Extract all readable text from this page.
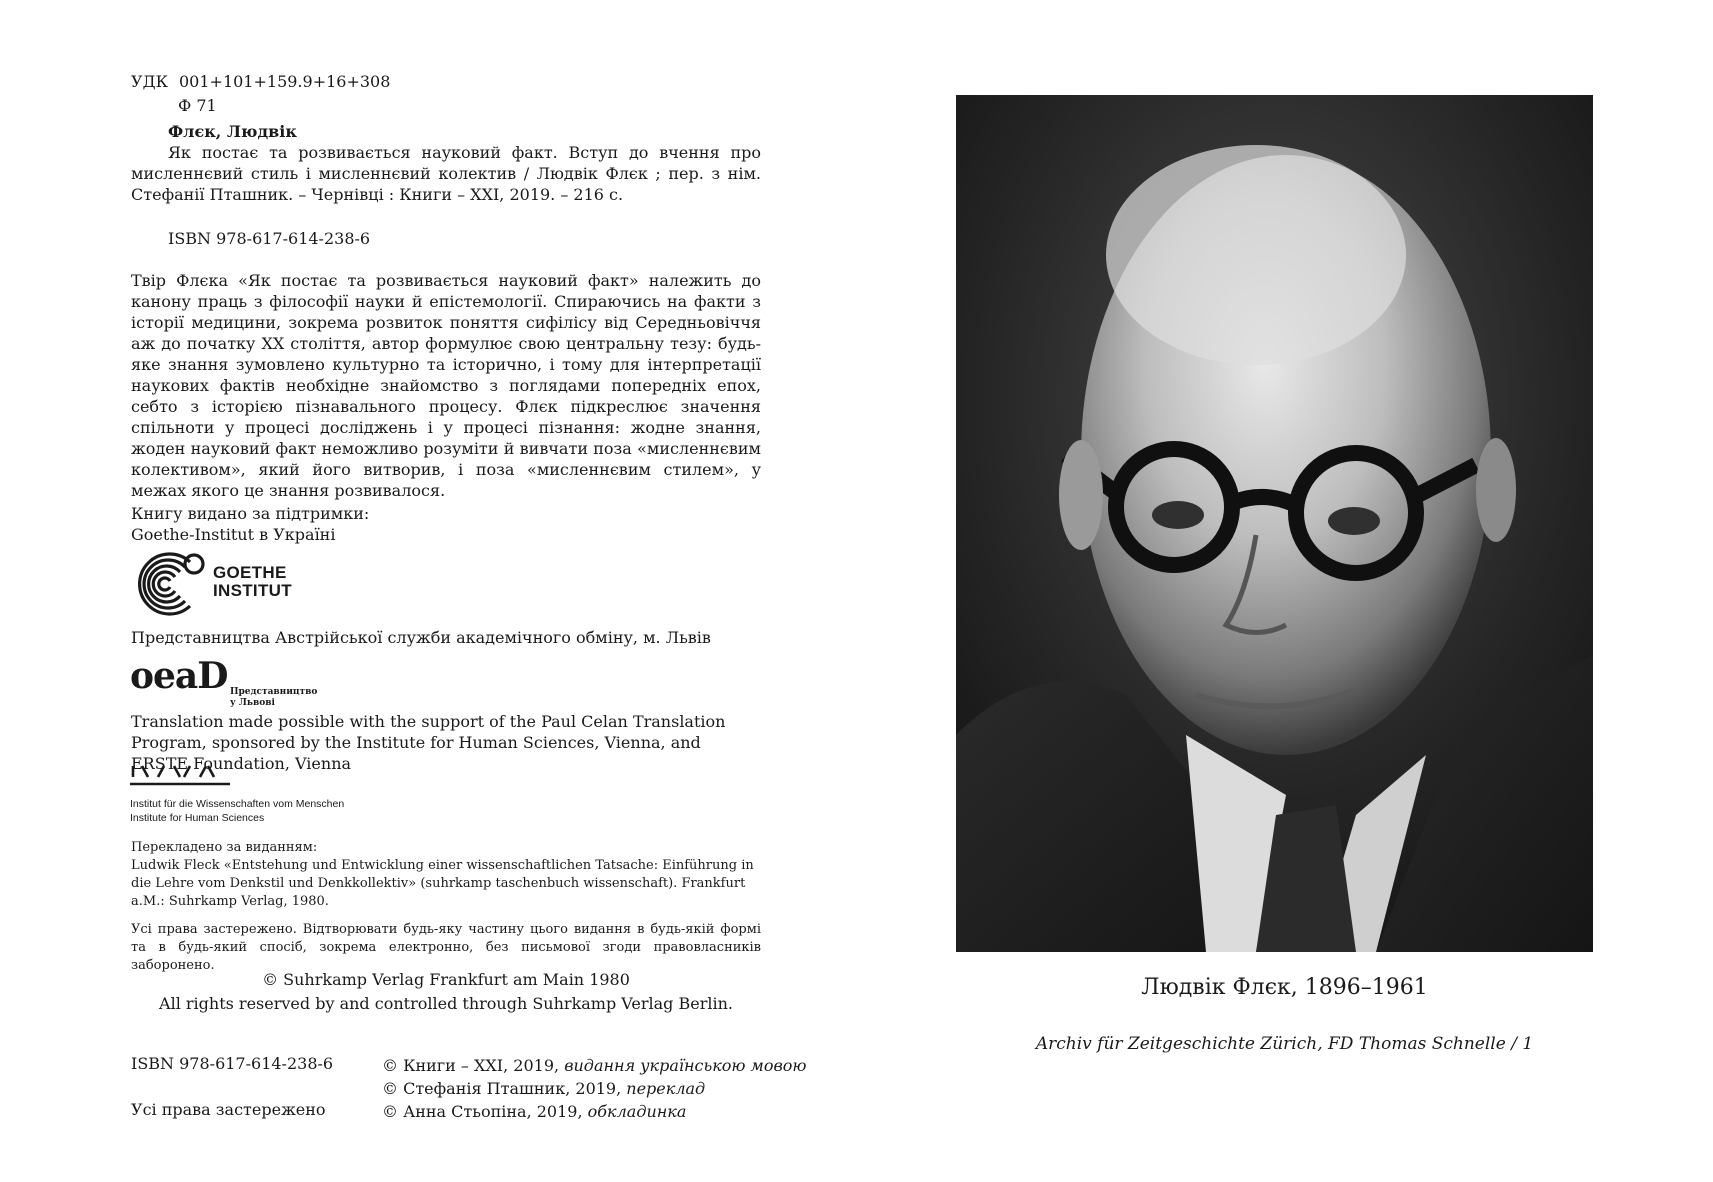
УДК 001+101+159.9+16+308
Ф 71
Флєк, Людвік
Як постає та розвивається науковий факт. Вступ до вчення про мисленнєвий стиль і мисленнєвий колектив / Людвік Флєк ; пер. з нім. Стефанії Пташник. – Чернівці : Книги – XXI, 2019. – 216 с.
ISBN 978-617-614-238-6
Твір Флєка «Як постає та розвивається науковий факт» належить до канону праць з філософії науки й епістемології. Спираючись на факти з історії медицини, зокрема розвиток поняття сифілісу від Середньовіччя аж до початку XX століття, автор формулює свою центральну тезу: будь-яке знання зумовлено культурно та історично, і тому для інтерпретації наукових фактів необхідне знайомство з поглядами попередніх епох, себто з історією пізнавального процесу. Флєк підкреслює значення спільноти у процесі досліджень і у процесі пізнання: жодне знання, жоден науковий факт неможливо розуміти й вивчати поза «мисленнєвим колективом», який його витворив, і поза «мисленнєвим стилем», у межах якого це знання розвивалося.
Книгу видано за підтримки:
Goethe-Institut в Україні
GOETHE
INSTITUT
Представництва Австрійської служби академічного обміну, м. Львів
oeaD Представництво
у Львові
Translation made possible with the support of the Paul Celan Translation Program, sponsored by the Institute for Human Sciences, Vienna, and ERSTE Foundation, Vienna
Institut für die Wissenschaften vom Menschen
Institute for Human Sciences
Перекладено за виданням:
Ludwik Fleck «Entstehung und Entwicklung einer wissenschaftlichen Tatsache: Einführung in die Lehre vom Denkstil und Denkkollektiv» (suhrkamp taschenbuch wissenschaft). Frankfurt a.M.: Suhrkamp Verlag, 1980.
Усі права застережено. Відтворювати будь-яку частину цього видання в будь-якій формі та в будь-який спосіб, зокрема електронно, без письмової згоди правовласників заборонено.
© Suhrkamp Verlag Frankfurt am Main 1980
All rights reserved by and controlled through Suhrkamp Verlag Berlin.
ISBN 978-617-614-238-6
Усі права застережено
© Книги – XXI, 2019, видання українською мовою
© Стефанія Пташник, 2019, переклад
© Анна Стьопіна, 2019, обкладинка
Людвік Флєк, 1896–1961
Archiv für Zeitgeschichte Zürich, FD Thomas Schnelle / 1
